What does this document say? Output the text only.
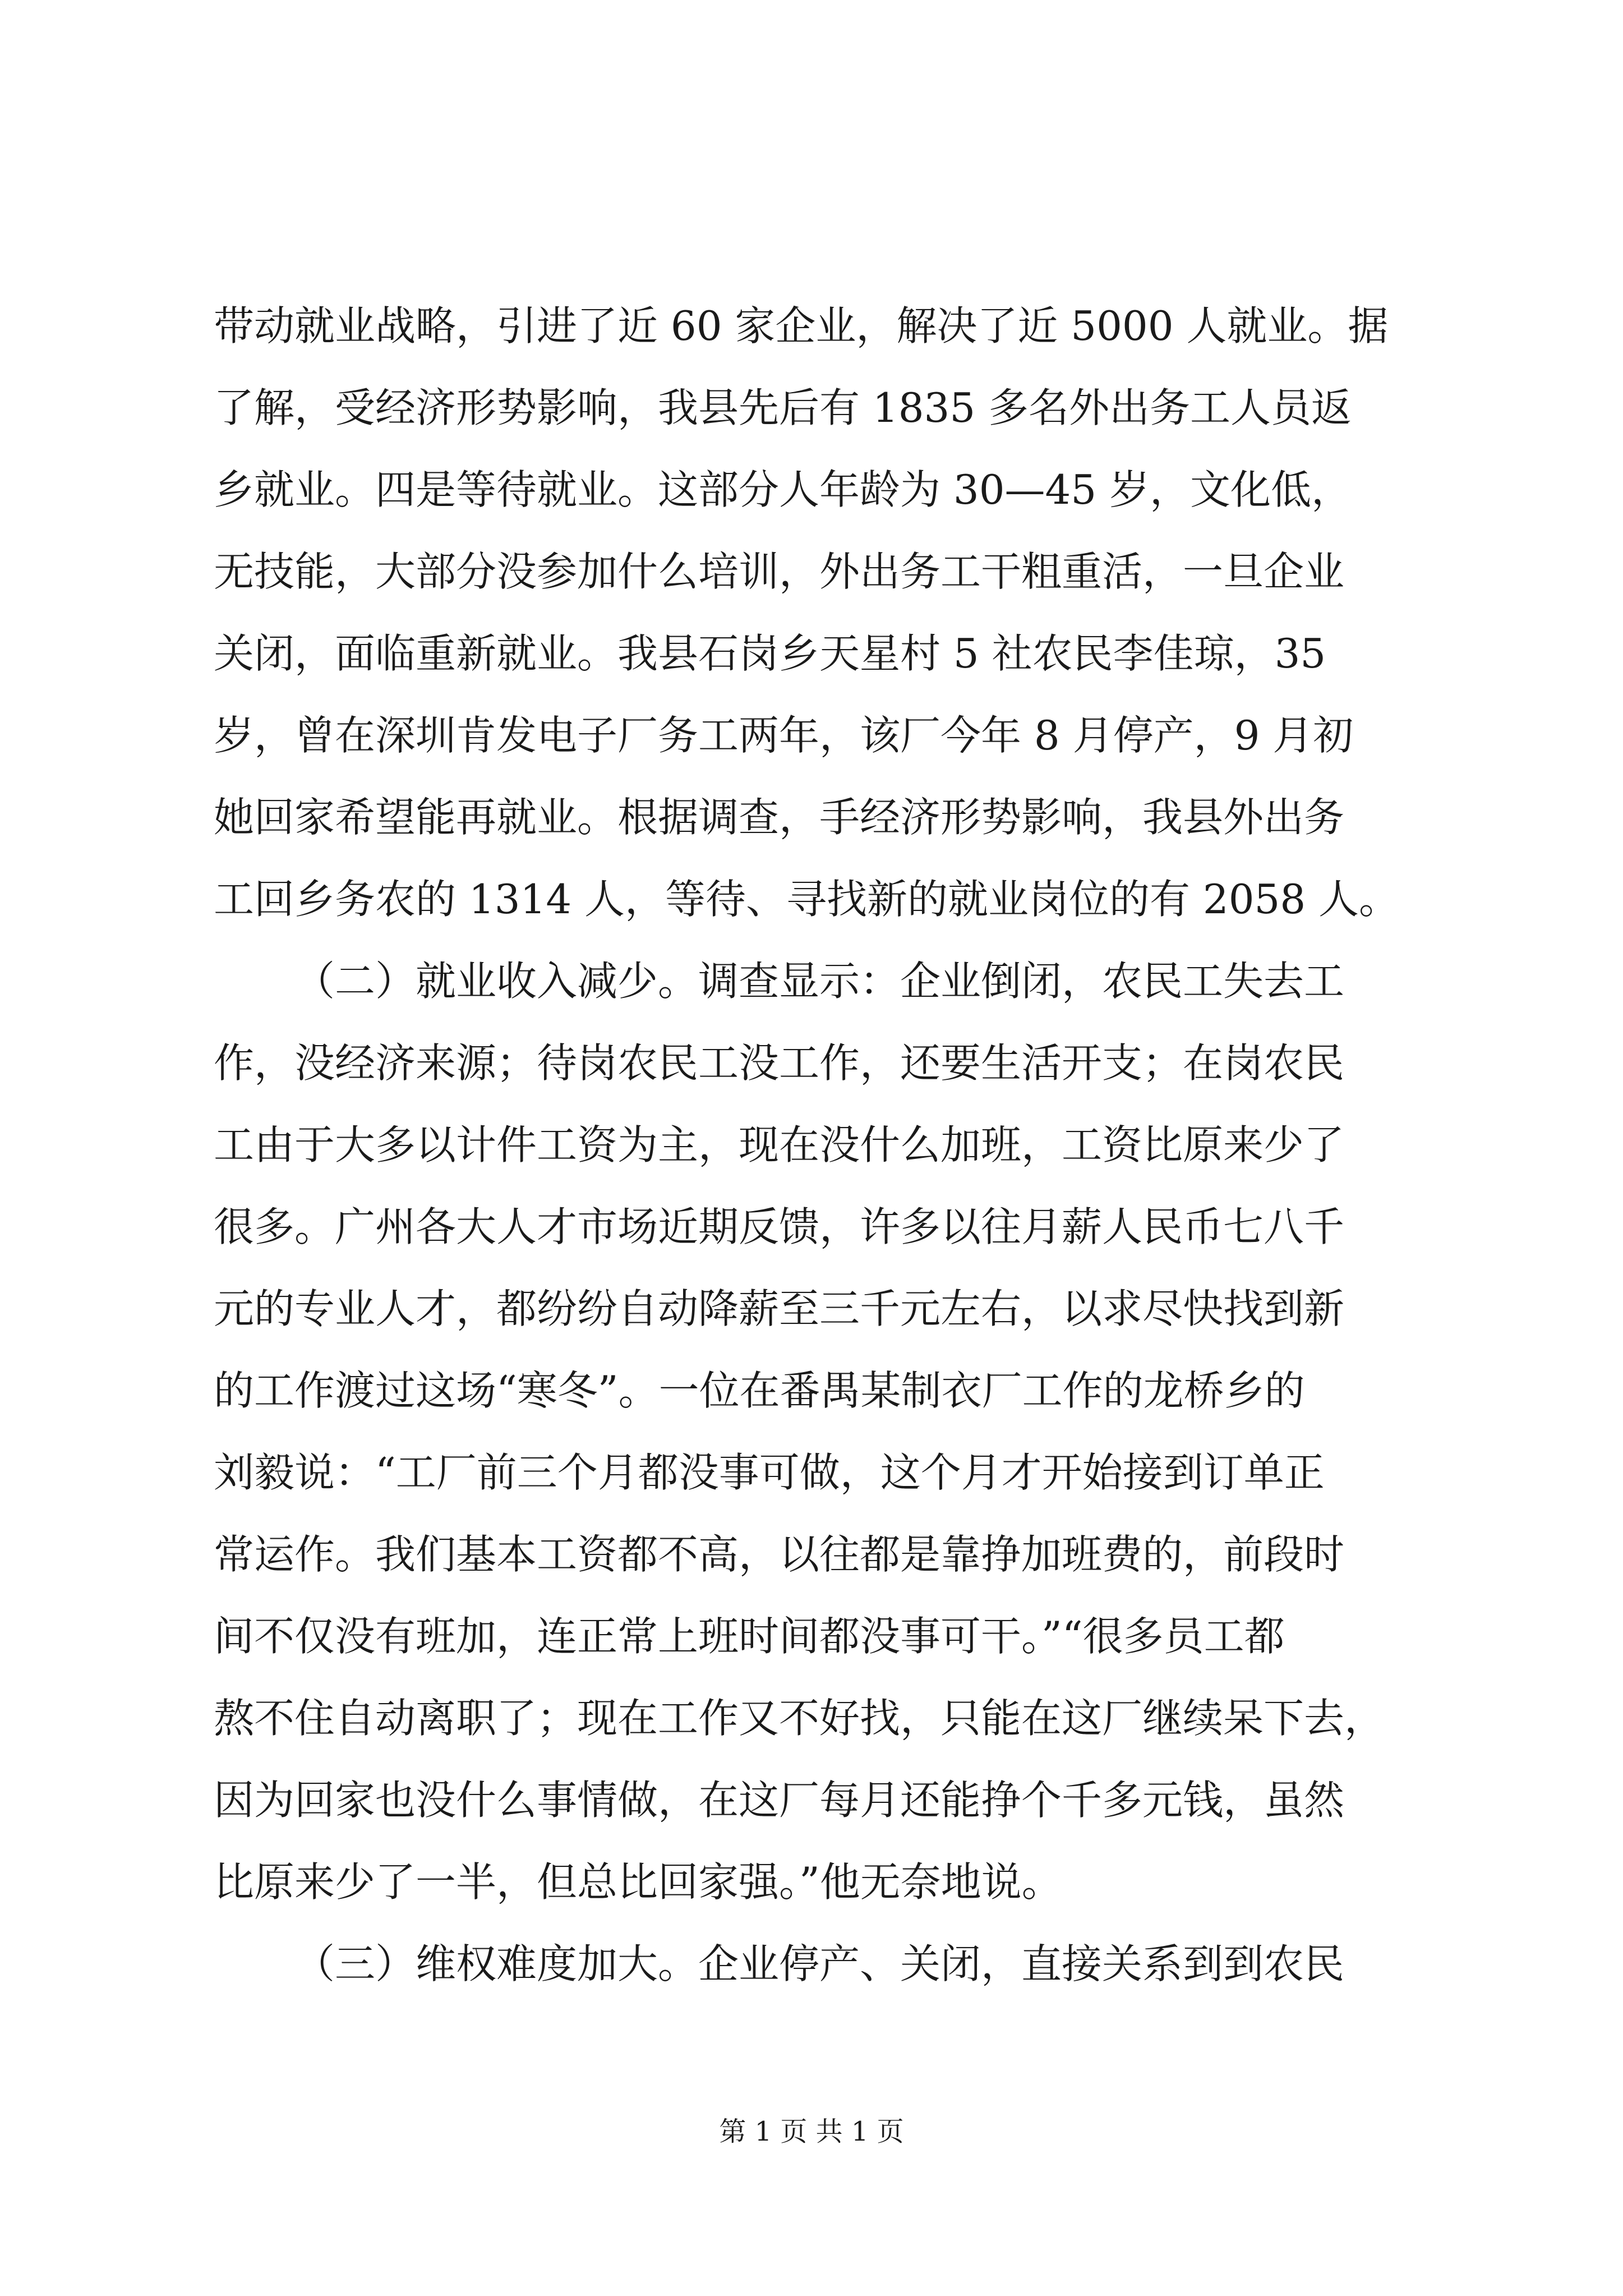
带动就业战略，引进了近 60 家企业，解决了近 5000 人就业。据
了解，受经济形势影响，我县先后有 1835 多名外出务工人员返
乡就业。四是等待就业。这部分人年龄为 30—45 岁，文化低，
无技能，大部分没参加什么培训，外出务工干粗重活，一旦企业
关闭，面临重新就业。我县石岗乡天星村 5 社农民李佳琼，35
岁，曾在深圳肯发电子厂务工两年，该厂今年 8 月停产，9 月初
她回家希望能再就业。根据调查，手经济形势影响，我县外出务
工回乡务农的 1314 人，等待、寻找新的就业岗位的有 2058 人。
（二）就业收入减少。调查显示：企业倒闭，农民工失去工
作，没经济来源；待岗农民工没工作，还要生活开支；在岗农民
工由于大多以计件工资为主，现在没什么加班，工资比原来少了
很多。广州各大人才市场近期反馈，许多以往月薪人民币七八千
元的专业人才，都纷纷自动降薪至三千元左右，以求尽快找到新
的工作渡过这场“寒冬”。一位在番禺某制衣厂工作的龙桥乡的
刘毅说：“工厂前三个月都没事可做，这个月才开始接到订单正
常运作。我们基本工资都不高，以往都是靠挣加班费的，前段时
间不仅没有班加，连正常上班时间都没事可干。”“很多员工都
熬不住自动离职了；现在工作又不好找，只能在这厂继续呆下去，
因为回家也没什么事情做，在这厂每月还能挣个千多元钱，虽然
比原来少了一半，但总比回家强。”他无奈地说。
（三）维权难度加大。企业停产、关闭，直接关系到到农民
第 1 页 共 1 页
